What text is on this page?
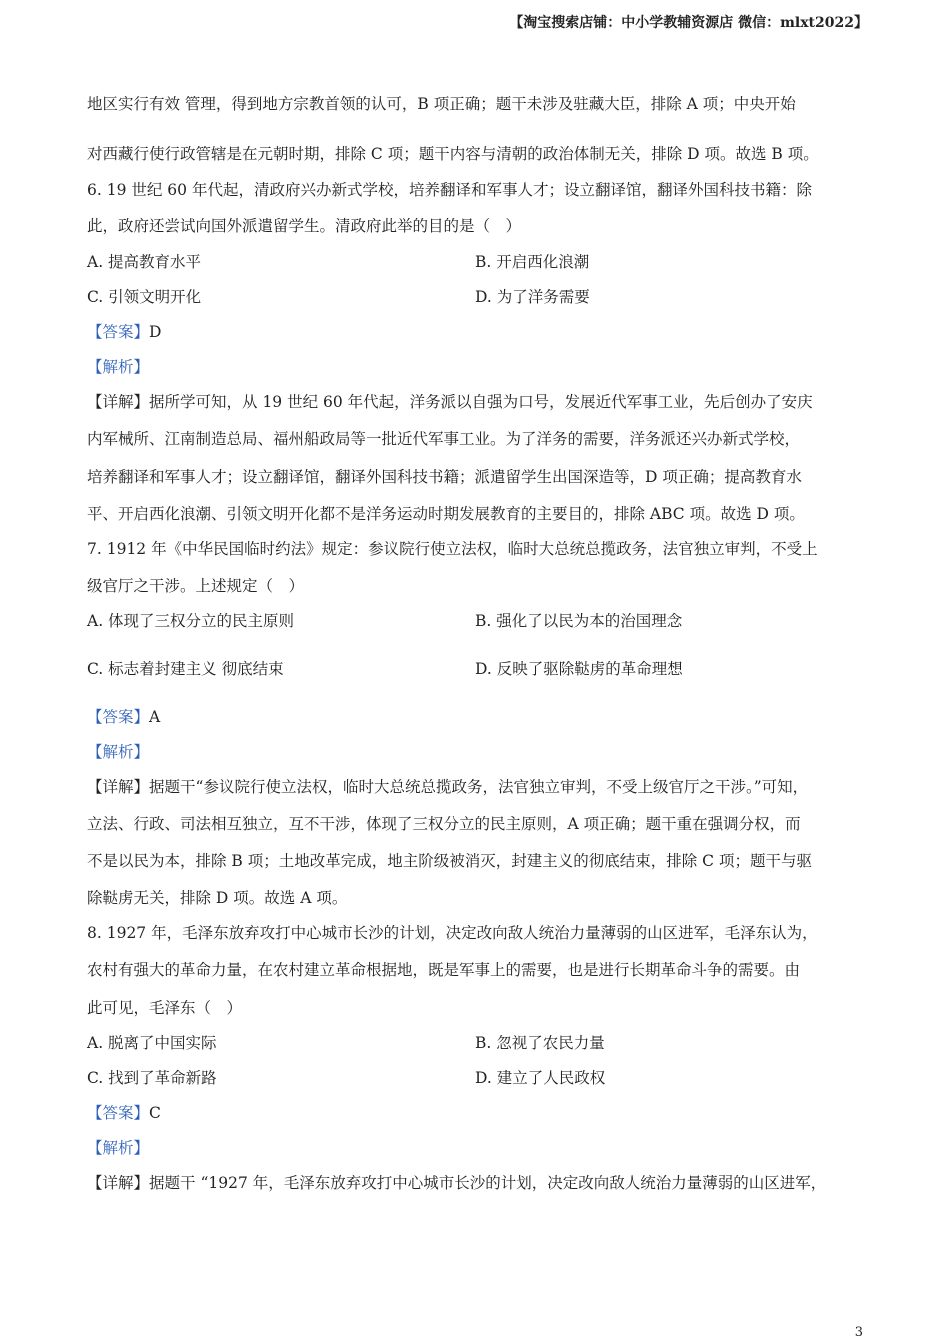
【淘宝搜索店铺：中小学教辅资源店 微信：mlxt2022】
地区实行有效 管理，得到地方宗教首领的认可，B 项正确；题干未涉及驻藏大臣，排除 A 项；中央开始
对西藏行使行政管辖是在元朝时期，排除 C 项；题干内容与清朝的政治体制无关，排除 D 项。故选 B 项。
6. 19 世纪 60 年代起，清政府兴办新式学校，培养翻译和军事人才；设立翻译馆，翻译外国科技书籍：除
此，政府还尝试向国外派遣留学生。清政府此举的目的是（　）
A. 提高教育水平	B. 开启西化浪潮
C. 引领文明开化	D. 为了洋务需要
【答案】D
【解析】
【详解】据所学可知，从 19 世纪 60 年代起，洋务派以自强为口号，发展近代军事工业，先后创办了安庆
内军械所、江南制造总局、福州船政局等一批近代军事工业。为了洋务的需要，洋务派还兴办新式学校，
培养翻译和军事人才；设立翻译馆，翻译外国科技书籍；派遣留学生出国深造等，D 项正确；提高教育水
平、开启西化浪潮、引领文明开化都不是洋务运动时期发展教育的主要目的，排除 ABC 项。故选 D 项。
7. 1912 年《中华民国临时约法》规定：参议院行使立法权，临时大总统总揽政务，法官独立审判，不受上
级官厅之干涉。上述规定（　）
A. 体现了三权分立的民主原则	B. 强化了以民为本的治国理念
C. 标志着封建主义 彻底结束	D. 反映了驱除鞑虏的革命理想
【答案】A
【解析】
【详解】据题干“参议院行使立法权，临时大总统总揽政务，法官独立审判，不受上级官厅之干涉。”可知，
立法、行政、司法相互独立，互不干涉，体现了三权分立的民主原则，A 项正确；题干重在强调分权，而
不是以民为本，排除 B 项；土地改革完成，地主阶级被消灭，封建主义的彻底结束，排除 C 项；题干与驱
除鞑虏无关，排除 D 项。故选 A 项。
8. 1927 年，毛泽东放弃攻打中心城市长沙的计划，决定改向敌人统治力量薄弱的山区进军，毛泽东认为，
农村有强大的革命力量，在农村建立革命根据地，既是军事上的需要，也是进行长期革命斗争的需要。由
此可见，毛泽东（　）
A. 脱离了中国实际	B. 忽视了农民力量
C. 找到了革命新路	D. 建立了人民政权
【答案】C
【解析】
【详解】据题干 “1927 年，毛泽东放弃攻打中心城市长沙的计划，决定改向敌人统治力量薄弱的山区进军，
3
